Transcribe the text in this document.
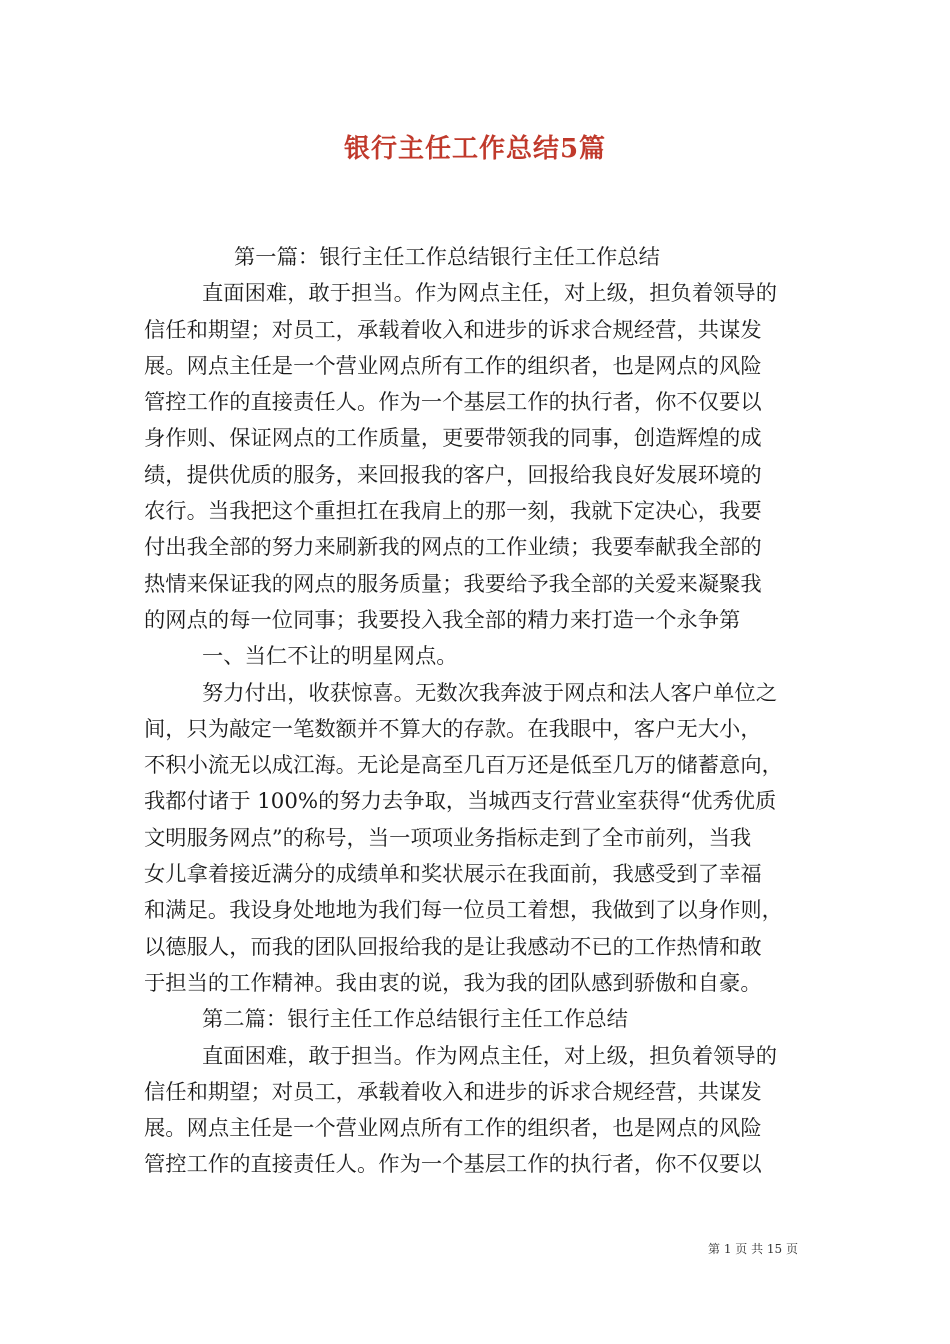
银行主任工作总结5篇
第一篇：银行主任工作总结银行主任工作总结
直面困难，敢于担当。作为网点主任，对上级，担负着领导的
信任和期望；对员工，承载着收入和进步的诉求合规经营，共谋发
展。网点主任是一个营业网点所有工作的组织者，也是网点的风险
管控工作的直接责任人。作为一个基层工作的执行者，你不仅要以
身作则、保证网点的工作质量，更要带领我的同事，创造辉煌的成
绩，提供优质的服务，来回报我的客户，回报给我良好发展环境的
农行。当我把这个重担扛在我肩上的那一刻，我就下定决心，我要
付出我全部的努力来刷新我的网点的工作业绩；我要奉献我全部的
热情来保证我的网点的服务质量；我要给予我全部的关爱来凝聚我
的网点的每一位同事；我要投入我全部的精力来打造一个永争第
一、当仁不让的明星网点。
努力付出，收获惊喜。无数次我奔波于网点和法人客户单位之
间，只为敲定一笔数额并不算大的存款。在我眼中，客户无大小，
不积小流无以成江海。无论是高至几百万还是低至几万的储蓄意向，
我都付诸于 100%的努力去争取，当城西支行营业室获得“优秀优质
文明服务网点”的称号，当一项项业务指标走到了全市前列，当我
女儿拿着接近满分的成绩单和奖状展示在我面前，我感受到了幸福
和满足。我设身处地地为我们每一位员工着想，我做到了以身作则，
以德服人，而我的团队回报给我的是让我感动不已的工作热情和敢
于担当的工作精神。我由衷的说，我为我的团队感到骄傲和自豪。
第二篇：银行主任工作总结银行主任工作总结
直面困难，敢于担当。作为网点主任，对上级，担负着领导的
信任和期望；对员工，承载着收入和进步的诉求合规经营，共谋发
展。网点主任是一个营业网点所有工作的组织者，也是网点的风险
管控工作的直接责任人。作为一个基层工作的执行者，你不仅要以
第 1 页 共 15 页
